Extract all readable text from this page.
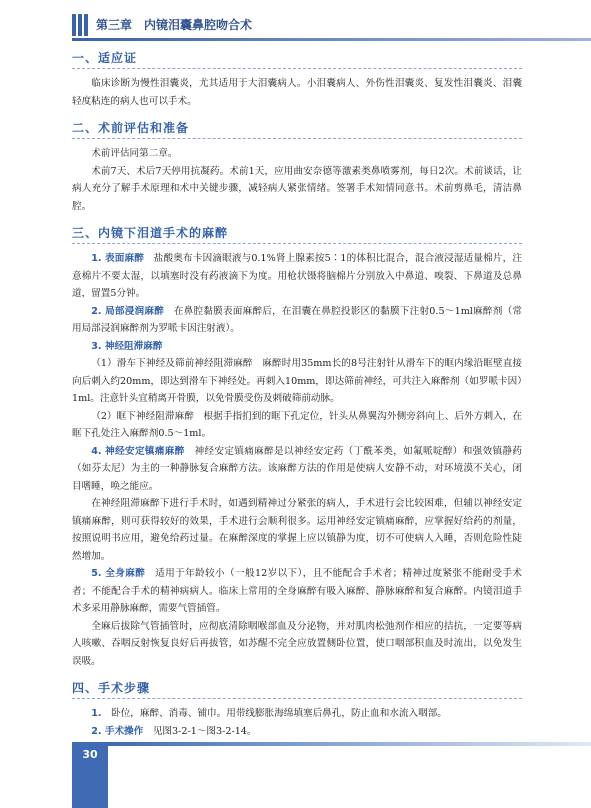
第三章　内镜泪囊鼻腔吻合术
一、适应证

临床诊断为慢性泪囊炎，尤其适用于大泪囊病人。小泪囊病人、外伤性泪囊炎、复发性泪囊炎、泪囊轻度粘连的病人也可以手术。

二、术前评估和准备

术前评估同第二章。

术前7天、术后7天停用抗凝药。术前1天，应用曲安奈德等激素类鼻喷雾剂，每日2次。术前谈话，让病人充分了解手术原理和术中关键步骤，减轻病人紧张情绪。签署手术知情同意书。术前剪鼻毛，清洁鼻腔。

三、内镜下泪道手术的麻醉

1. 表面麻醉　 盐酸奥布卡因滴眼液与0.1%肾上腺素按5∶1的体积比混合，混合液浸湿适量棉片，注意棉片不要太湿，以填塞时没有药液滴下为度。用枪状镊将脑棉片分别放入中鼻道、嗅裂、下鼻道及总鼻道，留置5分钟。

2. 局部浸润麻醉　 在鼻腔黏膜表面麻醉后，在泪囊在鼻腔投影区的黏膜下注射0.5～1ml麻醉剂（常用局部浸润麻醉剂为罗哌卡因注射液）。

3. 神经阻滞麻醉

（1）滑车下神经及筛前神经阻滞麻醉　麻醉时用35mm长的8号注射针从滑车下的眶内缘沿眶壁直接向后刺入约20mm，即达到滑车下神经处。再刺入10mm，即达筛前神经，可共注入麻醉剂（如罗哌卡因）1ml。注意针头宜稍离开骨膜，以免骨膜受伤及刺破筛前动脉。

（2）眶下神经阻滞麻醉　根据手指扪到的眶下孔定位，针头从鼻翼沟外侧旁斜向上、后外方刺入，在眶下孔处注入麻醉剂0.5～1ml。

4. 神经安定镇痛麻醉　 神经安定镇痛麻醉是以神经安定药（丁酰苯类，如氟哌啶醇）和强效镇静药（如芬太尼）为主的一种静脉复合麻醉方法。该麻醉方法的作用是使病人安静不动，对环境漠不关心，闭目嗜睡，唤之能应。

在神经阻滞麻醉下进行手术时，如遇到精神过分紧张的病人，手术进行会比较困难，但辅以神经安定镇痛麻醉，则可获得较好的效果，手术进行会顺利很多。运用神经安定镇痛麻醉，应掌握好给药的剂量，按照说明书应用，避免给药过量。在麻醉深度的掌握上应以镇静为度，切不可使病人入睡，否则危险性陡然增加。

5. 全身麻醉　 适用于年龄较小（一般12岁以下），且不能配合手术者；精神过度紧张不能耐受手术者；不能配合手术的精神病病人。临床上常用的全身麻醉有吸入麻醉、静脉麻醉和复合麻醉。内镜泪道手术多采用静脉麻醉，需要气管插管。

全麻后拔除气管插管时，应彻底清除咽喉部血及分泌物，并对肌肉松弛剂作相应的拮抗，一定要等病人咳嗽、吞咽反射恢复良好后再拔管，如苏醒不完全应放置侧卧位置，使口咽部积血及时流出，以免发生误吸。

四、手术步骤

1.　 卧位，麻醉、消毒、铺巾。用带线膨胀海绵填塞后鼻孔，防止血和水流入咽部。

2. 手术操作　 见图3-2-1～图3-2-14。

30
